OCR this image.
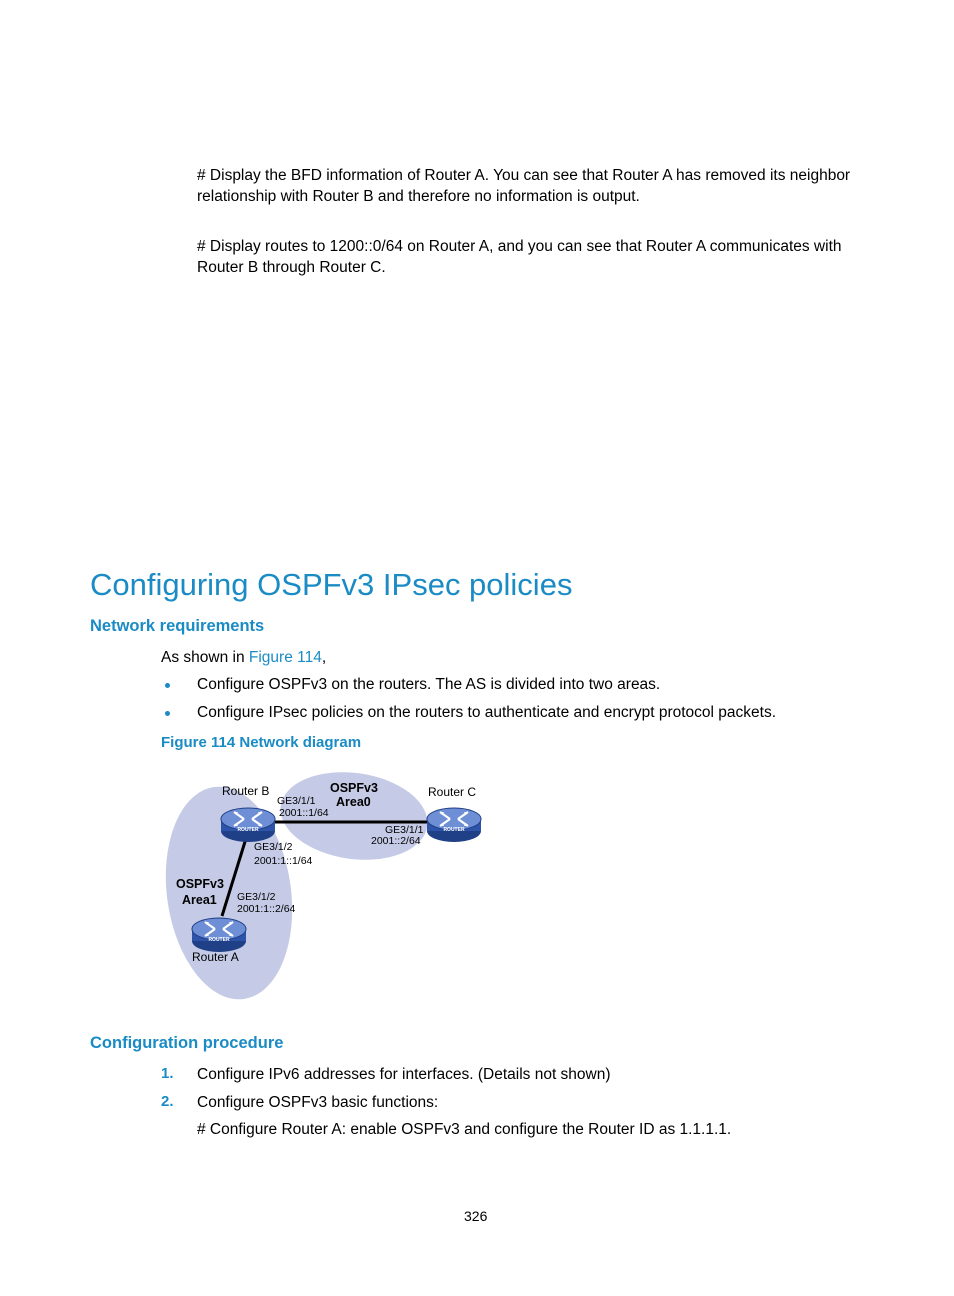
# Display the BFD information of Router A. You can see that Router A has removed its neighbor relationship with Router B and therefore no information is output.
# Display routes to 1200::0/64 on Router A, and you can see that Router A communicates with Router B through Router C.
Configuring OSPFv3 IPsec policies
Network requirements
As shown in Figure 114,
Configure OSPFv3 on the routers. The AS is divided into two areas.
Configure IPsec policies on the routers to authenticate and encrypt protocol packets.
Figure 114 Network diagram
ROUTER	ROUTER
ROUTER
Router B	Router C
Router A
OSPFv3
Area0
OSPFv3
Area1
GE3/1/1
2001::1/64
GE3/1/1
2001::2/64
GE3/1/2
2001:1::1/64
GE3/1/2
2001:1::2/64
Configuration procedure
1. Configure IPv6 addresses for interfaces. (Details not shown)
2. Configure OSPFv3 basic functions:
# Configure Router A: enable OSPFv3 and configure the Router ID as 1.1.1.1.
326
